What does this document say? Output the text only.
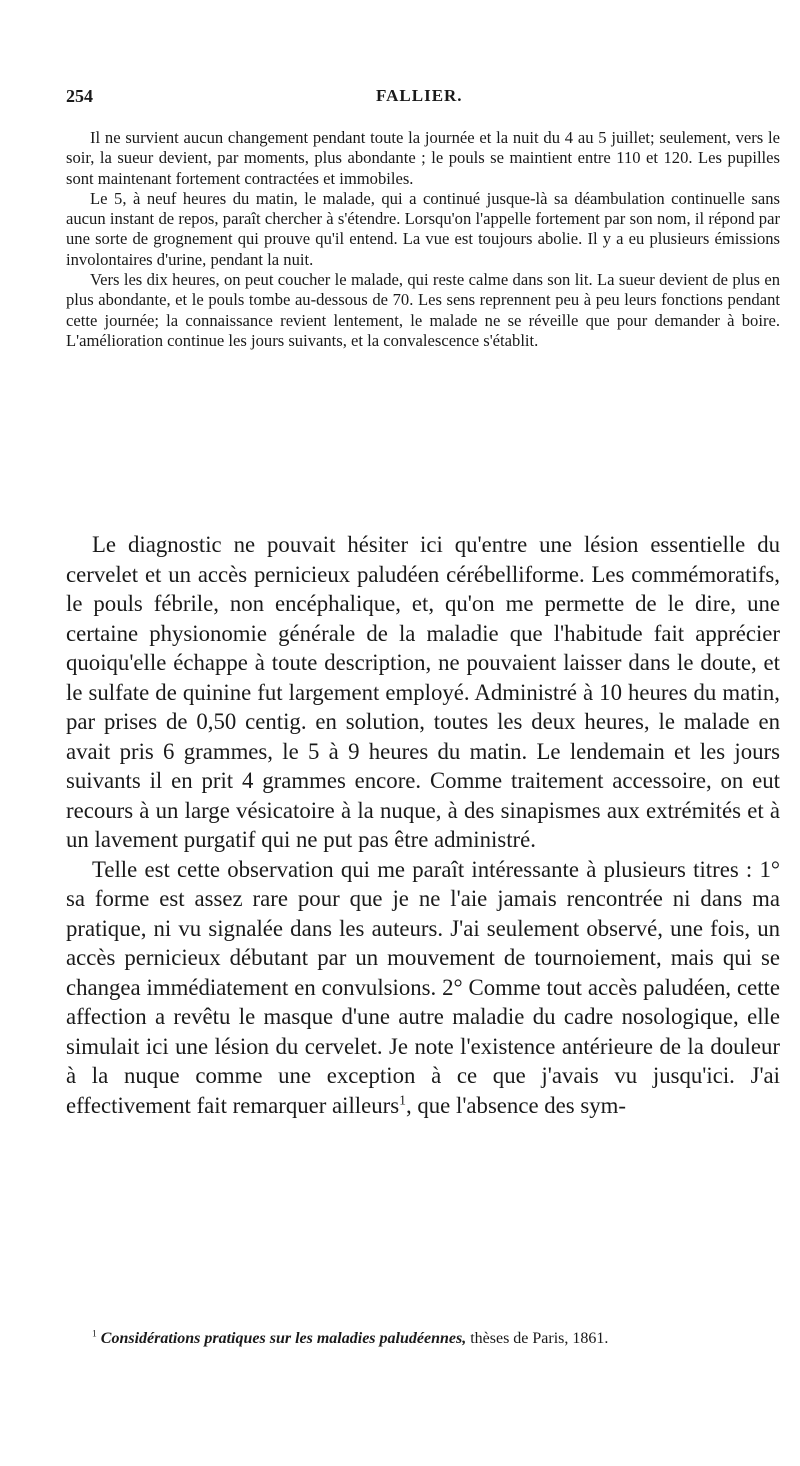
254	FALLIER.

Il ne survient aucun changement pendant toute la journée et la nuit du 4 au 5 juillet; seulement, vers le soir, la sueur devient, par moments, plus abondante ; le pouls se maintient entre 110 et 120. Les pupilles sont maintenant fortement contractées et immobiles.

Le 5, à neuf heures du matin, le malade, qui a continué jusque-là sa déambulation continuelle sans aucun instant de repos, paraît chercher à s'étendre. Lorsqu'on l'appelle fortement par son nom, il répond par une sorte de grognement qui prouve qu'il entend. La vue est toujours abolie. Il y a eu plusieurs émissions involontaires d'urine, pendant la nuit.

Vers les dix heures, on peut coucher le malade, qui reste calme dans son lit. La sueur devient de plus en plus abondante, et le pouls tombe au-dessous de 70. Les sens reprennent peu à peu leurs fonctions pendant cette journée; la connaissance revient lentement, le malade ne se réveille que pour demander à boire. L'amélioration continue les jours suivants, et la convalescence s'établit.

Le diagnostic ne pouvait hésiter ici qu'entre une lésion essentielle du cervelet et un accès pernicieux paludéen cérébelliforme. Les commémoratifs, le pouls fébrile, non encéphalique, et, qu'on me permette de le dire, une certaine physionomie générale de la maladie que l'habitude fait apprécier quoiqu'elle échappe à toute description, ne pouvaient laisser dans le doute, et le sulfate de quinine fut largement employé. Administré à 10 heures du matin, par prises de 0,50 centig. en solution, toutes les deux heures, le malade en avait pris 6 grammes, le 5 à 9 heures du matin. Le lendemain et les jours suivants il en prit 4 grammes encore. Comme traitement accessoire, on eut recours à un large vésicatoire à la nuque, à des sinapismes aux extrémités et à un lavement purgatif qui ne put pas être administré.

Telle est cette observation qui me paraît intéressante à plusieurs titres : 1° sa forme est assez rare pour que je ne l'aie jamais rencontrée ni dans ma pratique, ni vu signalée dans les auteurs. J'ai seulement observé, une fois, un accès pernicieux débutant par un mouvement de tournoiement, mais qui se changea immédiatement en convulsions. 2° Comme tout accès paludéen, cette affection a revêtu le masque d'une autre maladie du cadre nosologique, elle simulait ici une lésion du cervelet. Je note l'existence antérieure de la douleur à la nuque comme une exception à ce que j'avais vu jusqu'ici. J'ai effectivement fait remarquer ailleurs$^1$, que l'absence des sym-

$^1$ Considérations pratiques sur les maladies paludéennes, thèses de Paris, 1861.
